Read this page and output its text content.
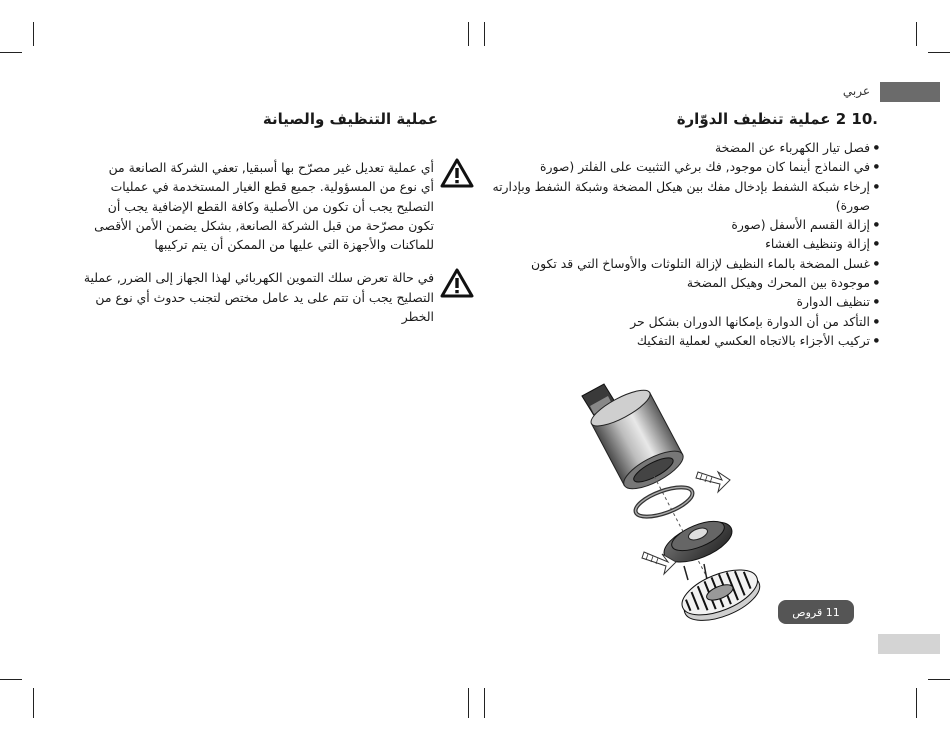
عربي
.10 2 عملية تنظيف الدوّارة
● فصل تيار الكهرباء عن المضخة
● في النماذج أينما كان موجود, فك برغي التثبيت على الفلتر (صورة
● إرخاء شبكة الشفط بإدخال مفك بين هيكل المضخة وشبكة الشفط وبإدارته
صورة)
● إزالة القسم الأسفل (صورة
● إزالة وتنظيف الغشاء
● غسل المضخة بالماء النظيف لإزالة التلوثات والأوساخ التي قد تكون
● موجودة بين المحرك وهيكل المضخة
● تنظيف الدوارة
● التأكد من أن الدوارة بإمكانها الدوران بشكل حر
● تركيب الأجزاء بالاتجاه العكسي لعملية التفكيك
عملية التنظيف والصيانة

أي عملية تعديل غير مصرّح بها أسبقيا, تعفي الشركة الصانعة من

أي نوع من المسؤولية. جميع قطع الغيار المستخدمة في عمليات

التصليح يجب أن تكون من الأصلية وكافة القطع الإضافية يجب أن

تكون مصرّحة من قبل الشركة الصانعة, بشكل يضمن الأمن الأقصى

للماكنات والأجهزة التي عليها من الممكن أن يتم تركيبها

في حالة تعرض سلك التموين الكهربائي لهذا الجهاز إلى الضرر, عملية

التصليح يجب أن تتم على يد عامل مختص لتجنب حدوث أي نوع من

الخطر

11 قروص
